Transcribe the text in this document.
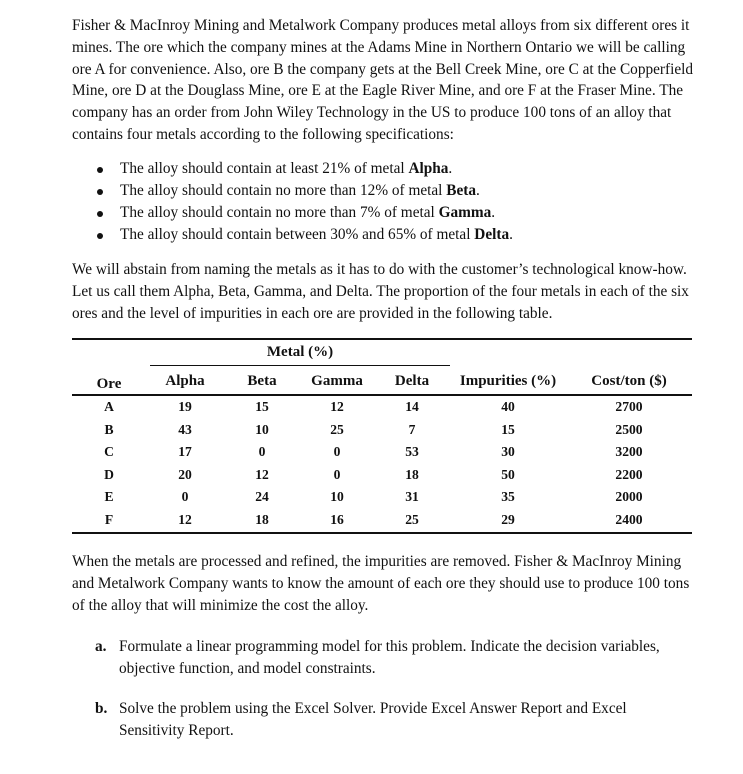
Fisher & MacInroy Mining and Metalwork Company produces metal alloys from six different ores it mines. The ore which the company mines at the Adams Mine in Northern Ontario we will be calling ore A for convenience. Also, ore B the company gets at the Bell Creek Mine, ore C at the Copperfield Mine, ore D at the Douglass Mine, ore E at the Eagle River Mine, and ore F at the Fraser Mine. The company has an order from John Wiley Technology in the US to produce 100 tons of an alloy that contains four metals according to the following specifications:

The alloy should contain at least 21% of metal Alpha.
The alloy should contain no more than 12% of metal Beta.
The alloy should contain no more than 7% of metal Gamma.
The alloy should contain between 30% and 65% of metal Delta.

We will abstain from naming the metals as it has to do with the customer’s technological know-how. Let us call them Alpha, Beta, Gamma, and Delta. The proportion of the four metals in each of the six ores and the level of impurities in each ore are provided in the following table.

Metal (%)
Ore	Alpha	Beta	Gamma	Delta	Impurities (%)	Cost/ton ($)
A	19	15	12	14	40	2700
B	43	10	25	7	15	2500
C	17	0	0	53	30	3200
D	20	12	0	18	50	2200
E	0	24	10	31	35	2000
F	12	18	16	25	29	2400

When the metals are processed and refined, the impurities are removed. Fisher & MacInroy Mining and Metalwork Company wants to know the amount of each ore they should use to produce 100 tons of the alloy that will minimize the cost the alloy.

a. Formulate a linear programming model for this problem. Indicate the decision variables, objective function, and model constraints.
b. Solve the problem using the Excel Solver. Provide Excel Answer Report and Excel Sensitivity Report.
